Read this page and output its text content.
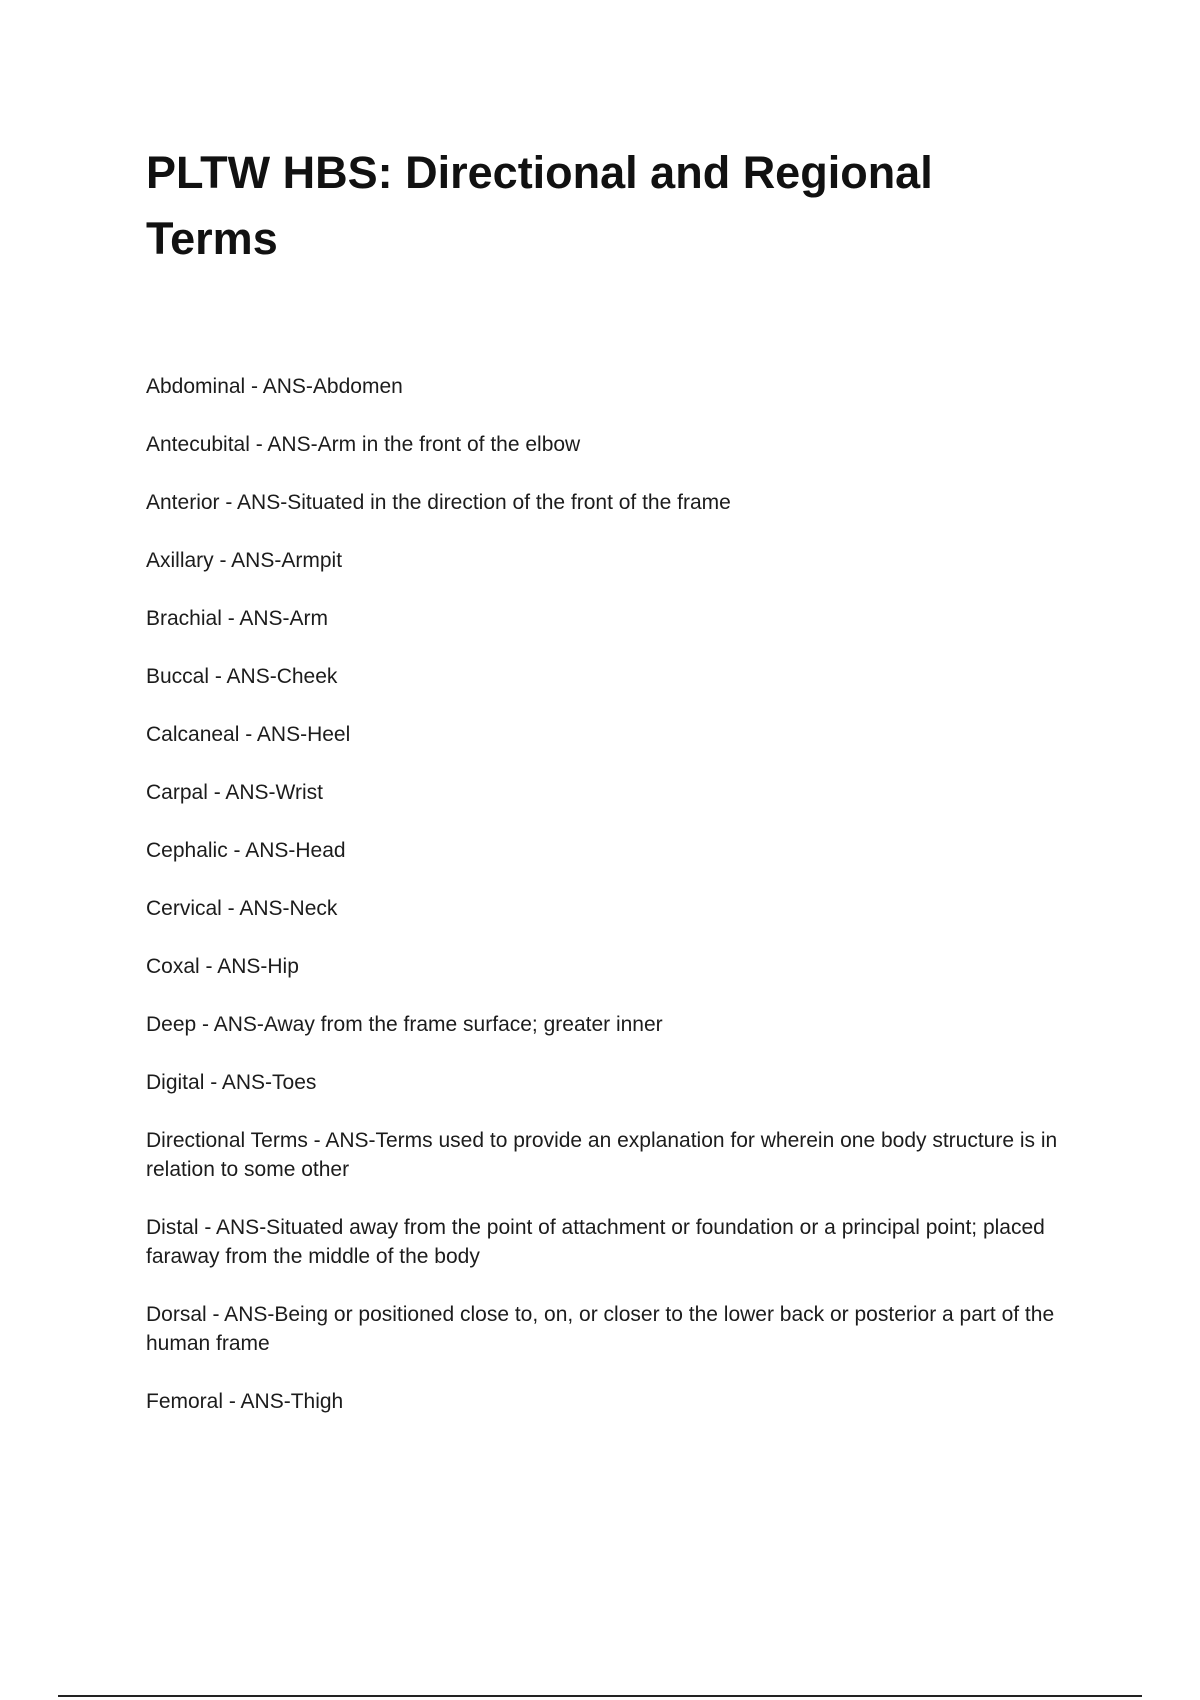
PLTW HBS: Directional and Regional Terms
Abdominal - ANS-Abdomen
Antecubital - ANS-Arm in the front of the elbow
Anterior - ANS-Situated in the direction of the front of the frame
Axillary - ANS-Armpit
Brachial - ANS-Arm
Buccal - ANS-Cheek
Calcaneal - ANS-Heel
Carpal - ANS-Wrist
Cephalic - ANS-Head
Cervical - ANS-Neck
Coxal - ANS-Hip
Deep - ANS-Away from the frame surface; greater inner
Digital - ANS-Toes
Directional Terms - ANS-Terms used to provide an explanation for wherein one body structure is in relation to some other
Distal - ANS-Situated away from the point of attachment or foundation or a principal point; placed faraway from the middle of the body
Dorsal - ANS-Being or positioned close to, on, or closer to the lower back or posterior a part of the human frame
Femoral - ANS-Thigh
